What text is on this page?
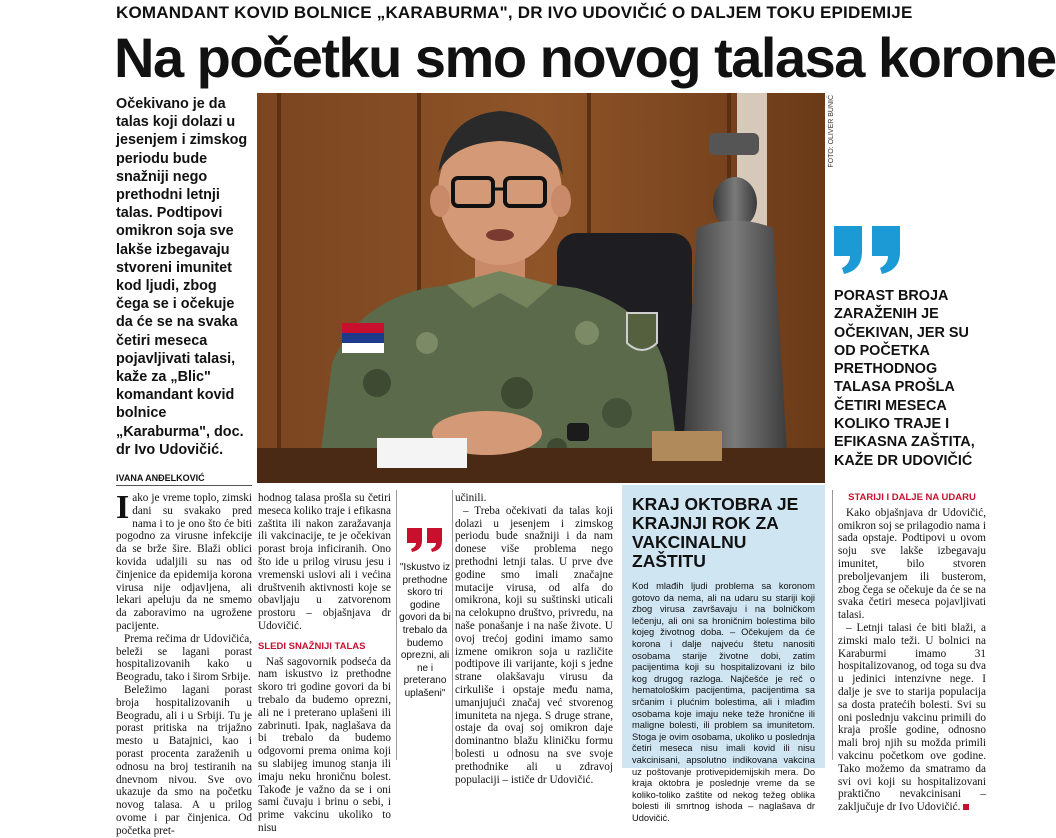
KOMANDANT KOVID BOLNICE „KARABURMA", DR IVO UDOVIČIĆ O DALJEM TOKU EPIDEMIJE
Na početku smo novog talasa korone
Očekivano je da talas koji dolazi u jesenjem i zimskog periodu bude snažniji nego prethodni letnji talas. Podtipovi omikron soja sve lakše izbegavaju stvoreni imunitet kod ljudi, zbog čega se i očekuje da će se na svaka četiri meseca pojavljivati talasi, kaže za „Blic" komandant kovid bolnice „Karaburma", doc. dr Ivo Udovičić.
IVANA ANĐELKOVIĆ
FOTO: OLIVER BUNIĆ
PORAST BROJA ZARAŽENIH JE OČEKIVAN, JER SU OD POČETKA PRETHODNOG TALASA PROŠLA ČETIRI MESECA KOLIKO TRAJE I EFIKASNA ZAŠTITA, KAŽE DR UDOVIČIĆ
I ako je vreme toplo, zimski dani su svakako pred nama i to je ono što će biti pogodno za virusne infekcije da se brže šire. Blaži oblici kovida udaljili su nas od činjenice da epidemija korona virusa nije odjavljena, ali lekari apeluju da ne smemo da zaboravimo na ugrožene pacijente.

Prema rečima dr Udovičića, beleži se lagani porast hospitalizovanih kako u Beogradu, tako i širom Srbije.

Beležimo lagani porast broja hospitalizovanih u Beogradu, ali i u Srbiji. Tu je porast pritiska na trijažno mesto u Batajnici, kao i porast procenta zaraženih u odnosu na broj testiranih na dnevnom nivou. Sve ovo ukazuje da smo na početku novog talasa. A u prilog ovome i par činjenica. Od početka pret-

hodnog talasa prošla su četiri meseca koliko traje i efikasna zaštita ili nakon zaražavanja ili vakcinacije, te je očekivan porast broja inficiranih. Ono što ide u prilog virusu jesu i vremenski uslovi ali i većina društvenih aktivnosti koje se obavljaju u zatvorenom prostoru – objašnjava dr Udovičić.

SLEDI SNAŽNIJI TALAS

Naš sagovornik podseća da nam iskustvo iz prethodne skoro tri godine govori da bi trebalo da budemo oprezni, ali ne i preterano uplašeni ili zabrinuti. Ipak, naglašava da bi trebalo da budemo odgovorni prema onima koji su slabijeg imunog stanja ili imaju neku hroničnu bolest. Takođe je važno da se i oni sami čuvaju i brinu o sebi, i prime vakcinu ukoliko to nisu

"Iskustvo iz prethodne skoro tri godine govori da bi trebalo da budemo oprezni, ali ne i preterano uplašeni"

učinili.

– Treba očekivati da talas koji dolazi u jesenjem i zimskog periodu bude snažniji i da nam donese više problema nego prethodni letnji talas. U prve dve godine smo imali značajne mutacije virusa, od alfa do omikrona, koji su suštinski uticali na celokupno društvo, privredu, na naše ponašanje i na naše živote. U ovoj trećoj godini imamo samo izmene omikron soja u različite podtipove ili varijante, koji s jedne strane olakšavaju virusu da cirkuliše i opstaje među nama, umanjujući značaj već stvorenog imuniteta na njega. S druge strane, ostaje da ovaj soj omikron daje dominantno blažu kliničku formu bolesti u odnosu na sve svoje prethodnike ali u zdravoj populaciji – ističe dr Udovičić.

KRAJ OKTOBRA JE KRAJNJI ROK ZA VAKCINALNU ZAŠTITU
Kod mlađih ljudi problema sa koronom gotovo da nema, ali na udaru su stariji koji zbog virusa završavaju i na bolničkom lečenju, ali oni sa hroničnim bolestima bilo kojeg životnog doba. – Očekujem da će korona i dalje najveću štetu nanositi osobama starije životne dobi, zatim pacijentima koji su hospitalizovani iz bilo kog drugog razloga. Najčešće je reč o hematološkim pacijentima, pacijentima sa srčanim i plućnim bolestima, ali i mlađim osobama koje imaju neke teže hronične ili maligne bolesti, ili problem sa imunitetom. Stoga je ovim osobama, ukoliko u poslednja četiri meseca nisu imali kovid ili nisu vakcinisani, apsolutno indikovana vakcina uz poštovanje protivepidemijskih mera. Do kraja oktobra je poslednje vreme da se koliko-toliko zaštite od nekog težeg oblika bolesti ili smrtnog ishoda – naglašava dr Udovičić.
STARIJI I DALJE NA UDARU

Kako objašnjava dr Udovičić, omikron soj se prilagodio nama i sada opstaje. Podtipovi u ovom soju sve lakše izbegavaju imunitet, bilo stvoren preboljevanjem ili busterom, zbog čega se očekuje da će se na svaka četiri meseca pojavljivati talasi.

– Letnji talasi će biti blaži, a zimski malo teži. U bolnici na Karaburmi imamo 31 hospitalizovanog, od toga su dva u jedinici intenzivne nege. I dalje je sve to starija populacija sa dosta pratećih bolesti. Svi su oni poslednju vakcinu primili do kraja prošle godine, odnosno mali broj njih su možda primili vakcinu početkom ove godine. Tako možemo da smatramo da svi ovi koji su hospitalizovani praktično nevakcinisani – zaključuje dr Ivo Udovičić.
